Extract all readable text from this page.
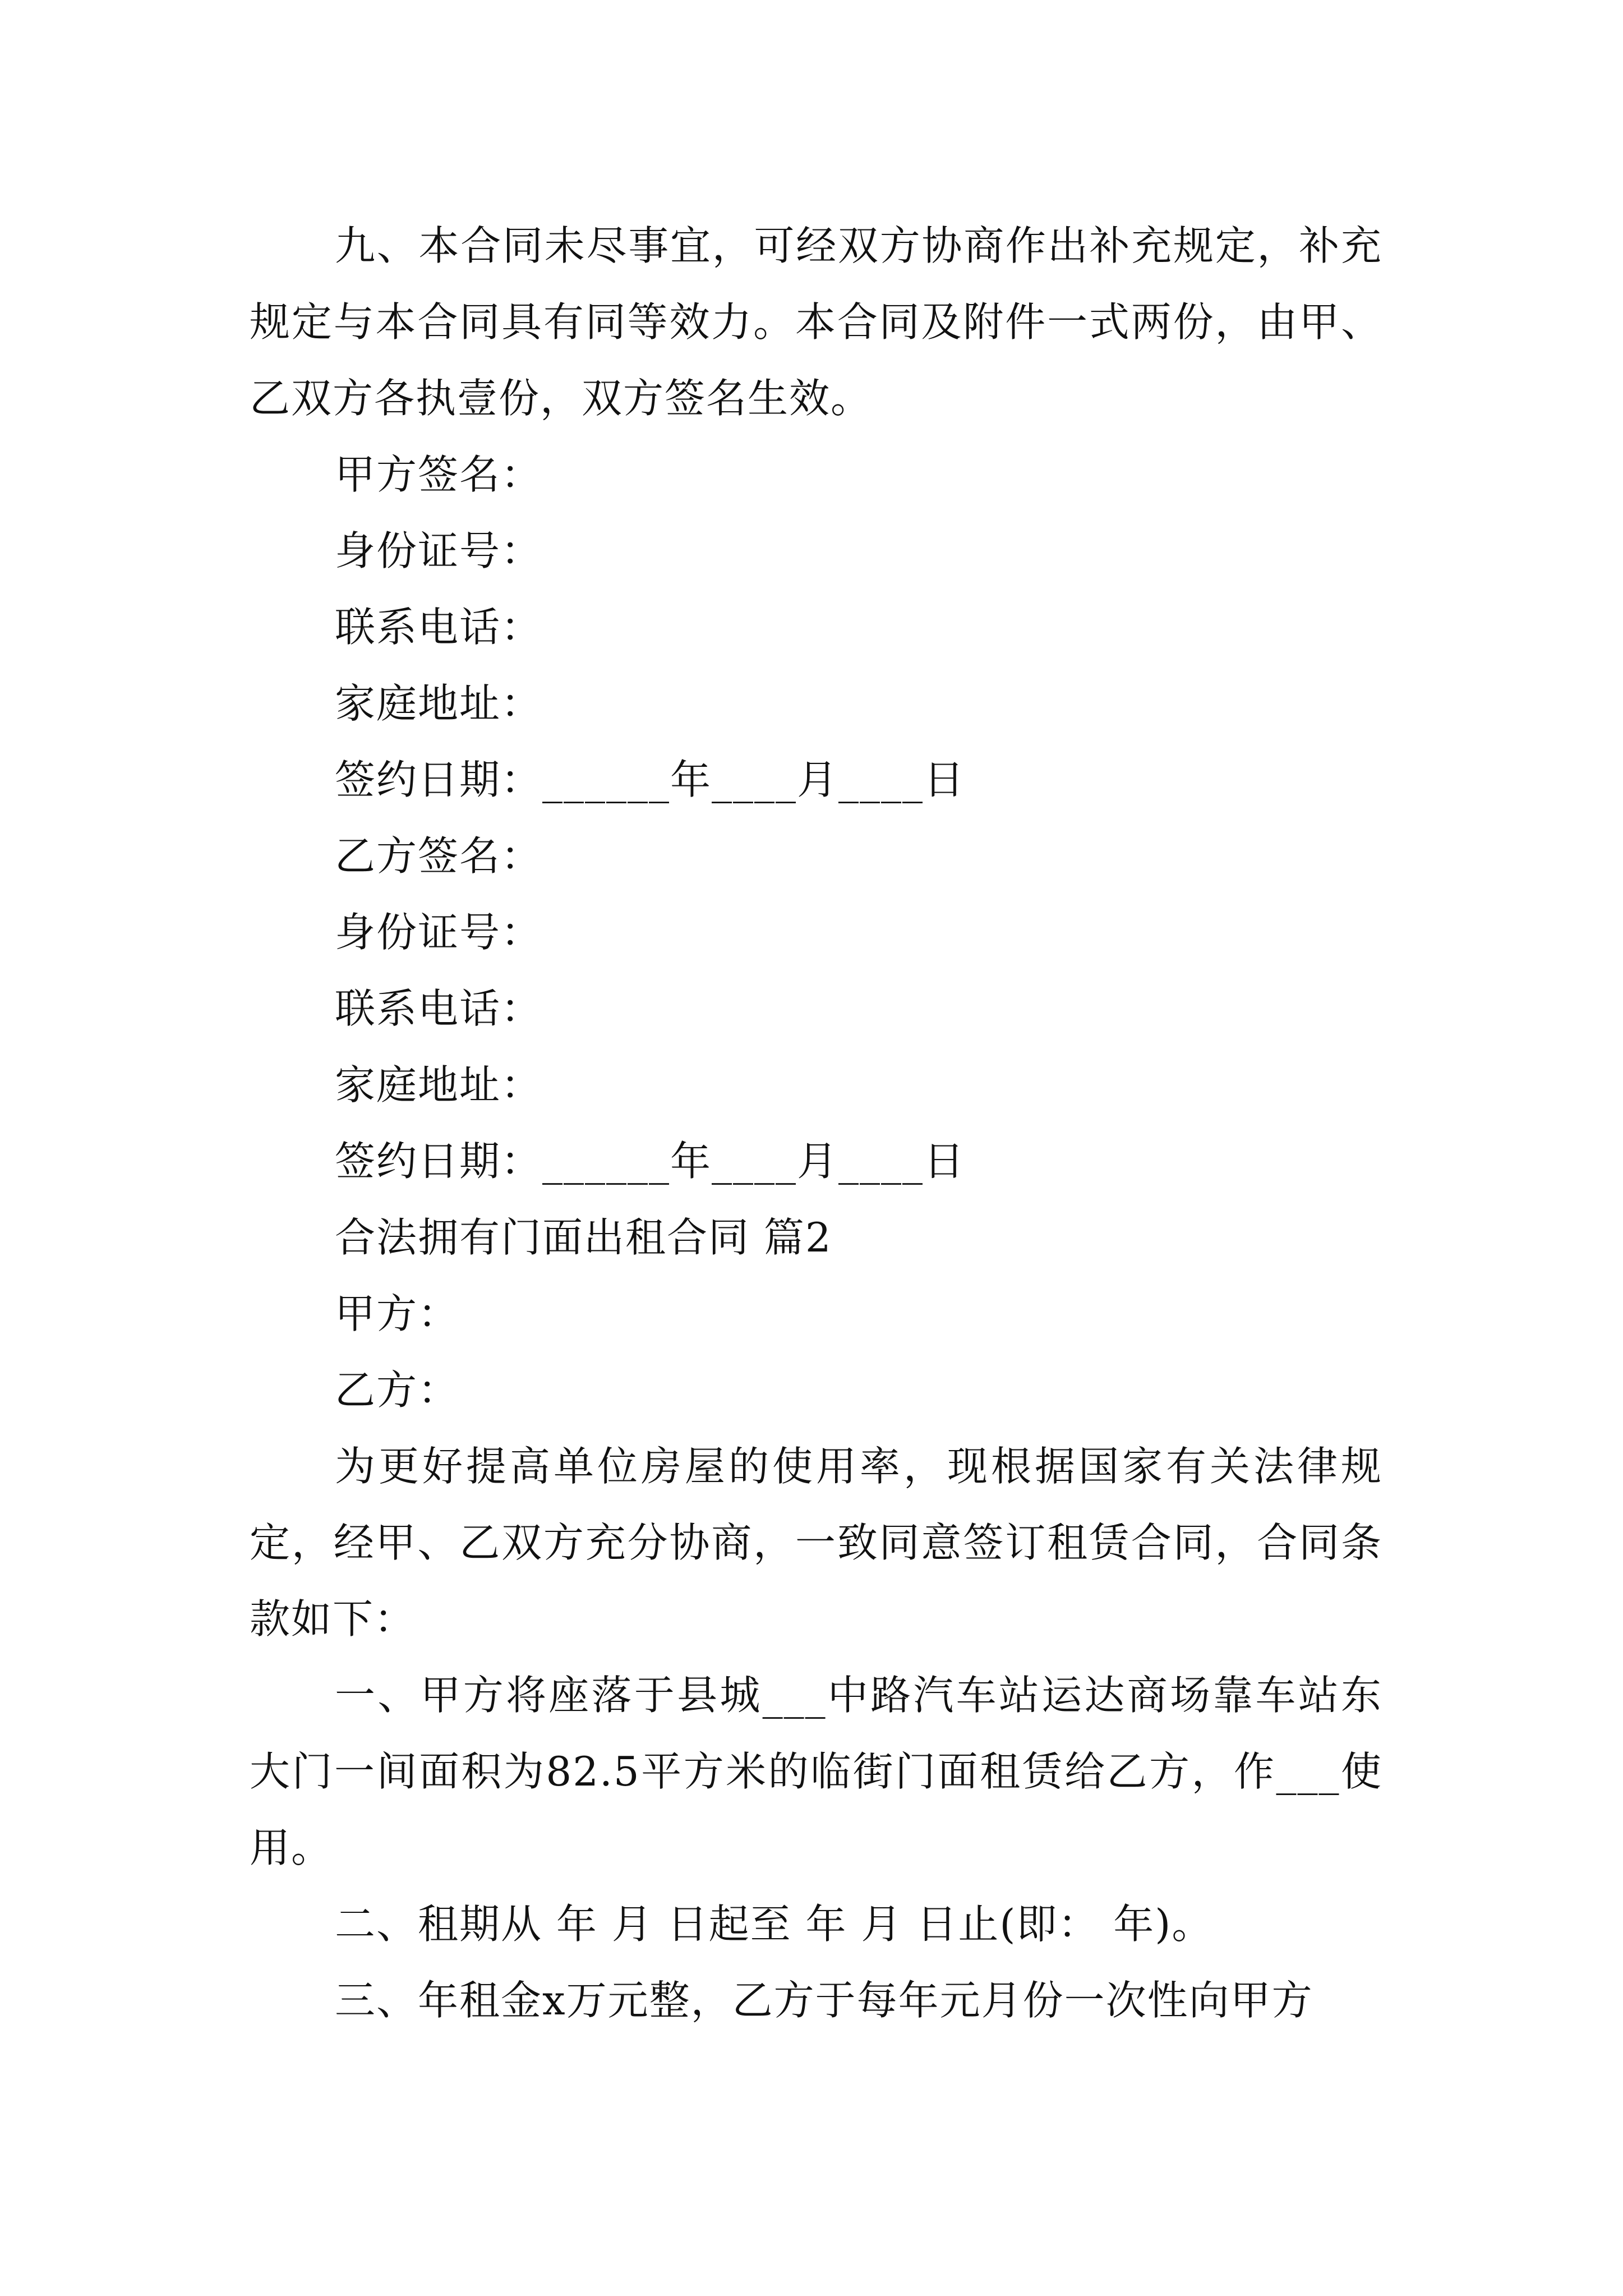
九、本合同未尽事宜，可经双方协商作出补充规定，补充规定与本合同具有同等效力。本合同及附件一式两份，由甲、乙双方各执壹份，双方签名生效。

甲方签名：

身份证号：

联系电话：

家庭地址：

签约日期：______年____月____日

乙方签名：

身份证号：

联系电话：

家庭地址：

签约日期：______年____月____日

合法拥有门面出租合同 篇2

甲方：

乙方：

为更好提高单位房屋的使用率，现根据国家有关法律规定，经甲、乙双方充分协商，一致同意签订租赁合同，合同条款如下：

一、甲方将座落于县城___中路汽车站运达商场靠车站东大门一间面积为82.5平方米的临街门面租赁给乙方，作___使用。

二、租期从 年 月 日起至 年 月 日止(即： 年)。

三、年租金x万元整，乙方于每年元月份一次性向甲方
